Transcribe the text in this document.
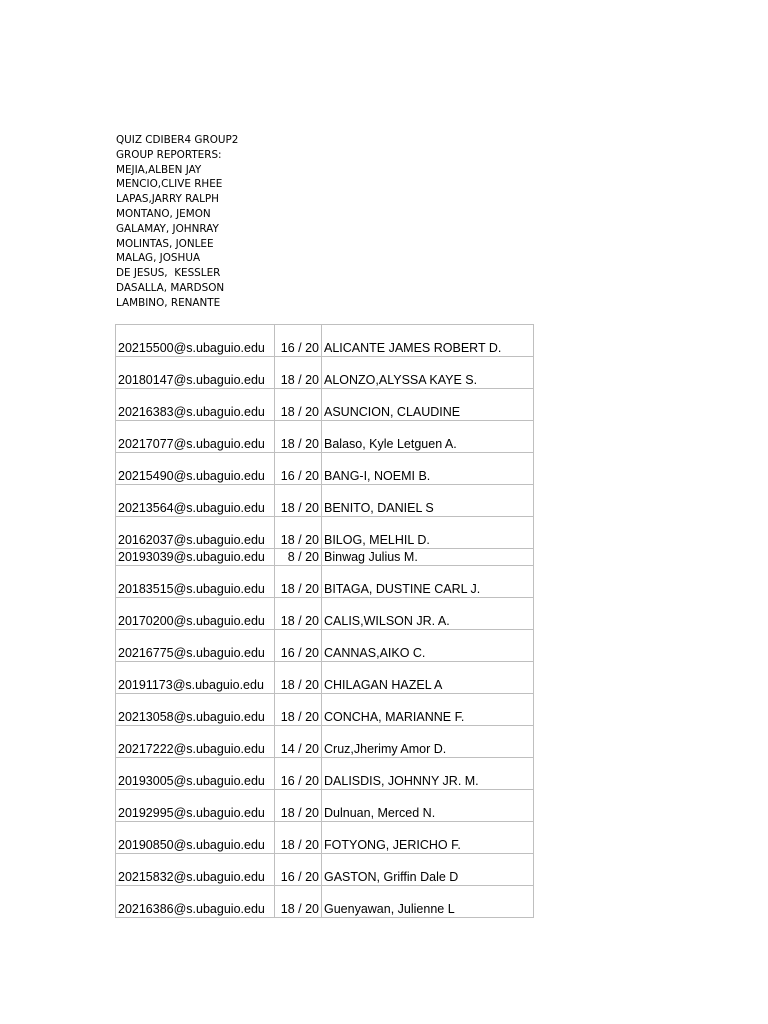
QUIZ CDIBER4 GROUP2
GROUP REPORTERS:
MEJIA,ALBEN JAY
MENCIO,CLIVE RHEE
LAPAS,JARRY RALPH
MONTANO, JEMON
GALAMAY, JOHNRAY
MOLINTAS, JONLEE
MALAG, JOSHUA
DE JESUS,  KESSLER
DASALLA, MARDSON
LAMBINO, RENANTE
20215500@s.ubaguio.edu	16 / 20	ALICANTE JAMES ROBERT D.
20180147@s.ubaguio.edu	18 / 20	ALONZO,ALYSSA KAYE S.
20216383@s.ubaguio.edu	18 / 20	ASUNCION, CLAUDINE
20217077@s.ubaguio.edu	18 / 20	Balaso, Kyle Letguen A.
20215490@s.ubaguio.edu	16 / 20	BANG-I, NOEMI B.
20213564@s.ubaguio.edu	18 / 20	BENITO, DANIEL S
20162037@s.ubaguio.edu	18 / 20	BILOG, MELHIL D.
20193039@s.ubaguio.edu	8 / 20	Binwag Julius M.
20183515@s.ubaguio.edu	18 / 20	BITAGA, DUSTINE CARL J.
20170200@s.ubaguio.edu	18 / 20	CALIS,WILSON JR. A.
20216775@s.ubaguio.edu	16 / 20	CANNAS,AIKO C.
20191173@s.ubaguio.edu	18 / 20	CHILAGAN HAZEL A
20213058@s.ubaguio.edu	18 / 20	CONCHA, MARIANNE F.
20217222@s.ubaguio.edu	14 / 20	Cruz,Jherimy Amor D.
20193005@s.ubaguio.edu	16 / 20	DALISDIS, JOHNNY JR. M.
20192995@s.ubaguio.edu	18 / 20	Dulnuan, Merced N.
20190850@s.ubaguio.edu	18 / 20	FOTYONG, JERICHO F.
20215832@s.ubaguio.edu	16 / 20	GASTON, Griffin Dale D
20216386@s.ubaguio.edu	18 / 20	Guenyawan, Julienne L
